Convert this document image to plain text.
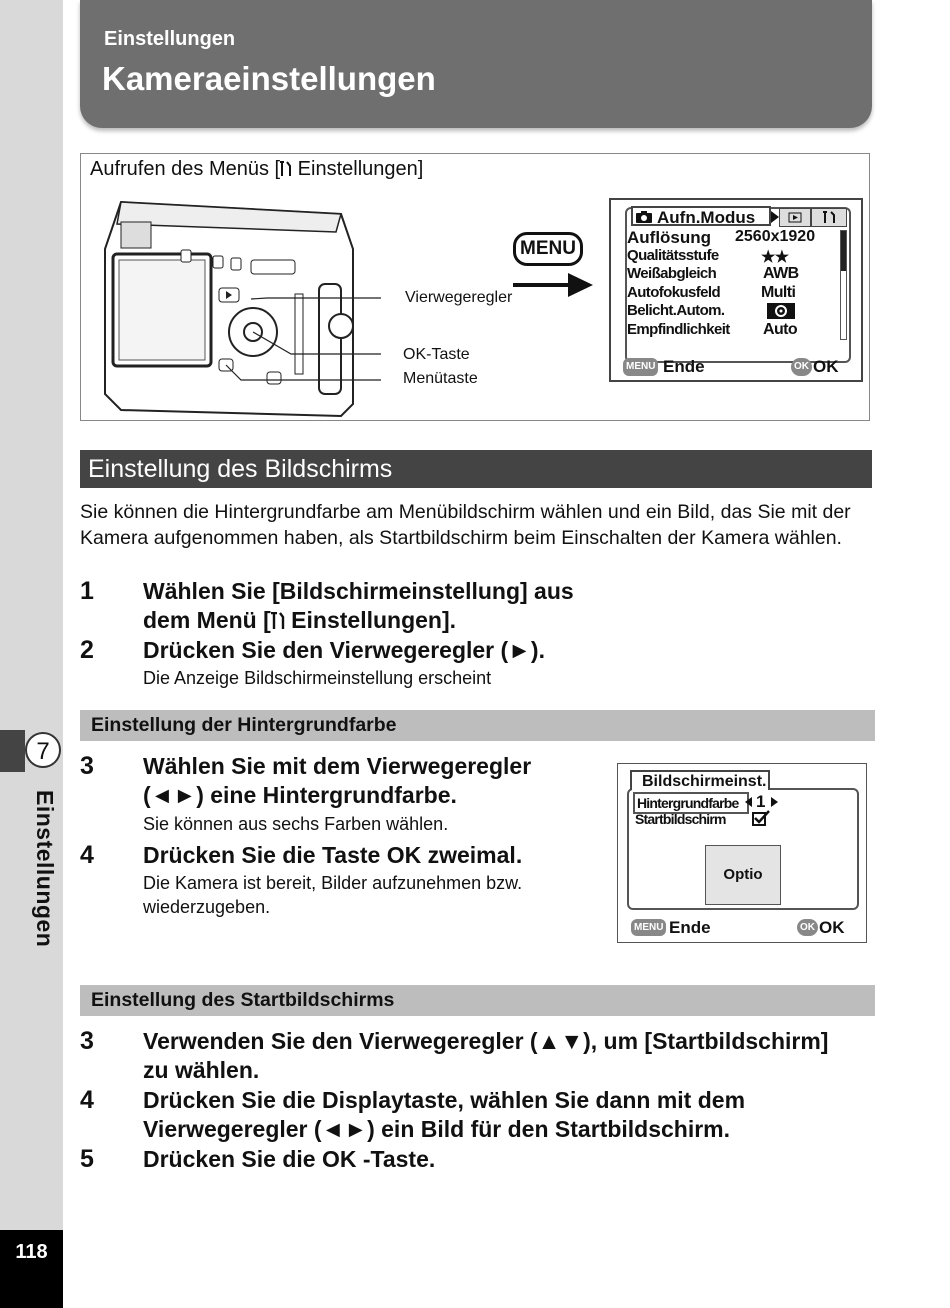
7
Einstellungen
118
Einstellungen
Kameraeinstellungen
Aufrufen des Menüs [ Einstellungen]
Vierwegeregler
OK-Taste
Menütaste
MENU
Aufn.Modus
Auflösung 2560x1920
Qualitätsstufe	★★
Weißabgleich	AWB
Autofokusfeld	Multi
Belicht.Autom.
Empfindlichkeit Auto
MENU Ende	OK OK
Einstellung des Bildschirms
Sie können die Hintergrundfarbe am Menübildschirm wählen und ein Bild, das Sie mit der Kamera aufgenommen haben, als Startbildschirm beim Einschalten der Kamera wählen.
1 Wählen Sie [Bildschirmeinstellung] aus
dem Menü [ Einstellungen].
2 Drücken Sie den Vierwegeregler (►).
Die Anzeige Bildschirmeinstellung erscheint
Einstellung der Hintergrundfarbe
3 Wählen Sie mit dem Vierwegeregler
(◄►) eine Hintergrundfarbe.
Sie können aus sechs Farben wählen.
4 Drücken Sie die Taste OK zweimal.
Die Kamera ist bereit, Bilder aufzunehmen bzw.
wiederzugeben.
Bildschirmeinst.
Hintergrundfarbe	1
Startbildschirm
Optio
MENU Ende	OK OK
Einstellung des Startbildschirms
3 Verwenden Sie den Vierwegeregler (▲▼), um [Startbildschirm]
zu wählen.
4 Drücken Sie die Displaytaste, wählen Sie dann mit dem
Vierwegeregler (◄►) ein Bild für den Startbildschirm.
5 Drücken Sie die OK -Taste.
